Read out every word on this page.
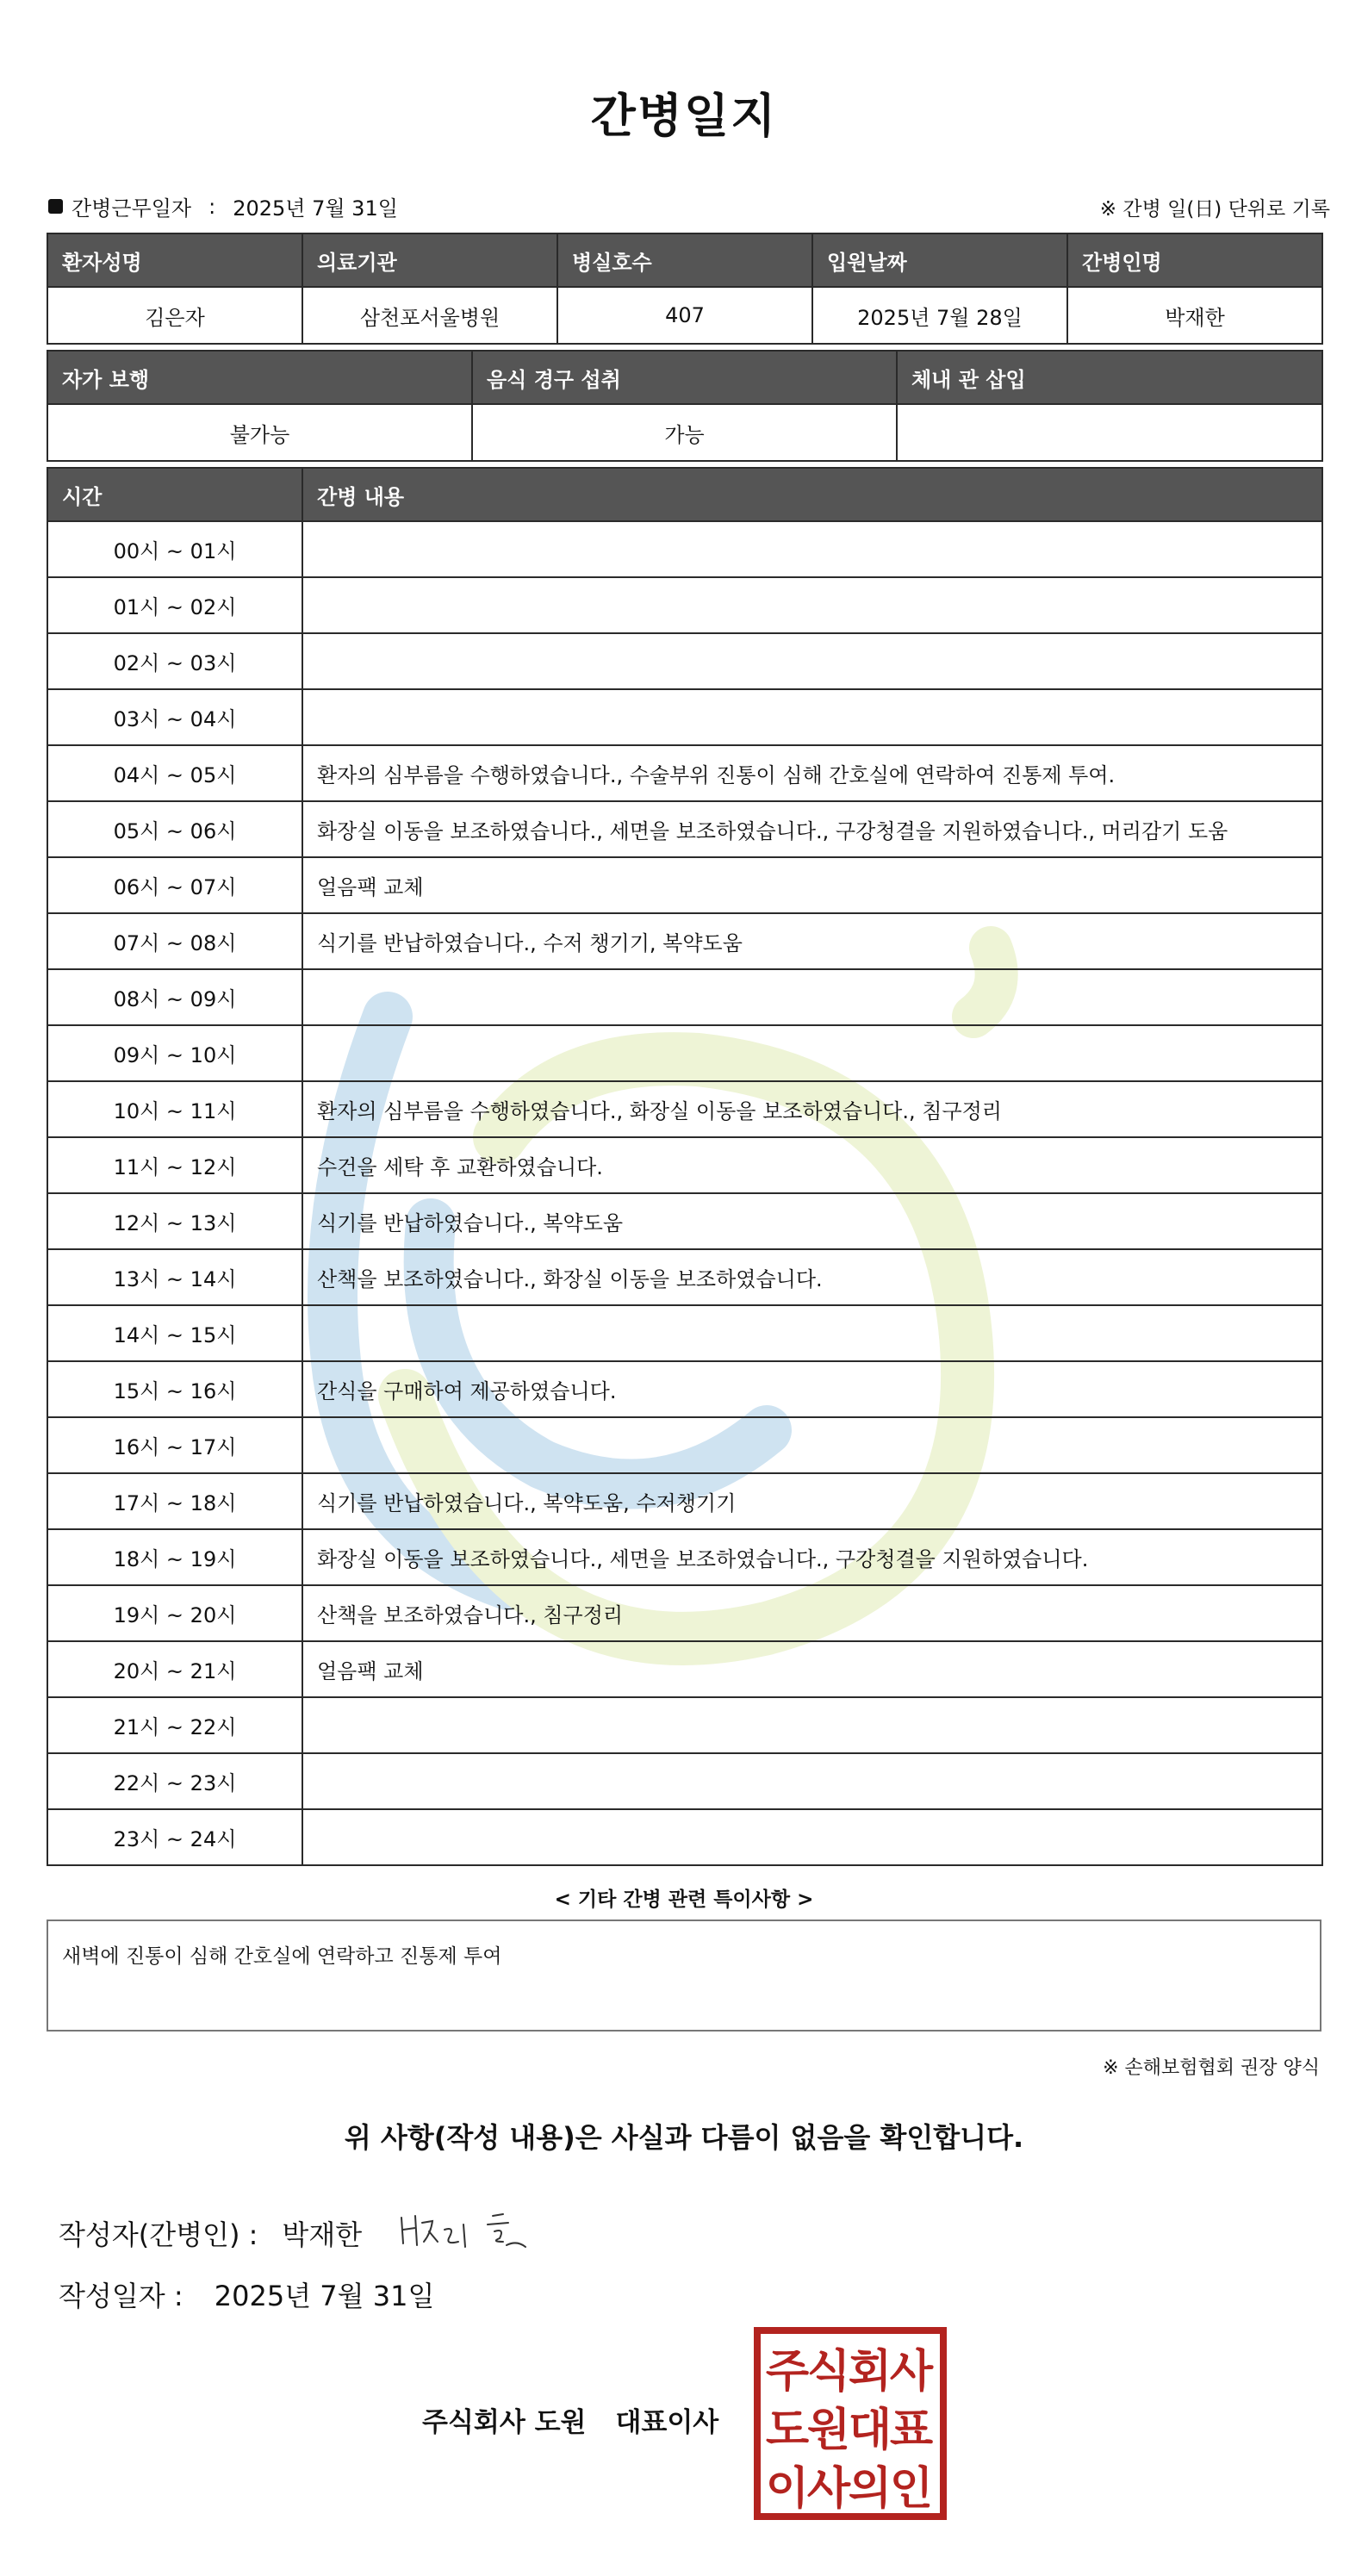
간병일지
간병근무일자 : 2025년 7월 31일	※ 간병 일(日) 단위로 기록
환자성명	의료기관	병실호수	입원날짜	간병인명
김은자	삼천포서울병원	407	2025년 7월 28일	박재한
자가 보행	음식 경구 섭취	체내 관 삽입
불가능	가능	
시간	간병 내용
00시 ~ 01시	
01시 ~ 02시	
02시 ~ 03시	
03시 ~ 04시	
04시 ~ 05시	환자의 심부름을 수행하였습니다., 수술부위 진통이 심해 간호실에 연락하여 진통제 투여.
05시 ~ 06시	화장실 이동을 보조하였습니다., 세면을 보조하였습니다., 구강청결을 지원하였습니다., 머리감기 도움
06시 ~ 07시	얼음팩 교체
07시 ~ 08시	식기를 반납하였습니다., 수저 챙기기, 복약도움
08시 ~ 09시	
09시 ~ 10시	
10시 ~ 11시	환자의 심부름을 수행하였습니다., 화장실 이동을 보조하였습니다., 침구정리
11시 ~ 12시	수건을 세탁 후 교환하였습니다.
12시 ~ 13시	식기를 반납하였습니다., 복약도움
13시 ~ 14시	산책을 보조하였습니다., 화장실 이동을 보조하였습니다.
14시 ~ 15시	
15시 ~ 16시	간식을 구매하여 제공하였습니다.
16시 ~ 17시	
17시 ~ 18시	식기를 반납하였습니다., 복약도움, 수저챙기기
18시 ~ 19시	화장실 이동을 보조하였습니다., 세면을 보조하였습니다., 구강청결을 지원하였습니다.
19시 ~ 20시	산책을 보조하였습니다., 침구정리
20시 ~ 21시	얼음팩 교체
21시 ~ 22시	
22시 ~ 23시	
23시 ~ 24시	
< 기타 간병 관련 특이사항 >
새벽에 진통이 심해 간호실에 연락하고 진통제 투여
※ 손해보험협회 권장 양식
위 사항(작성 내용)은 사실과 다름이 없음을 확인합니다.
작성자(간병인) : 박재한
작성일자 : 2025년 7월 31일
주식회사 도원 대표이사
주
식
회
사
도
원
대
표
이
사
의
인
